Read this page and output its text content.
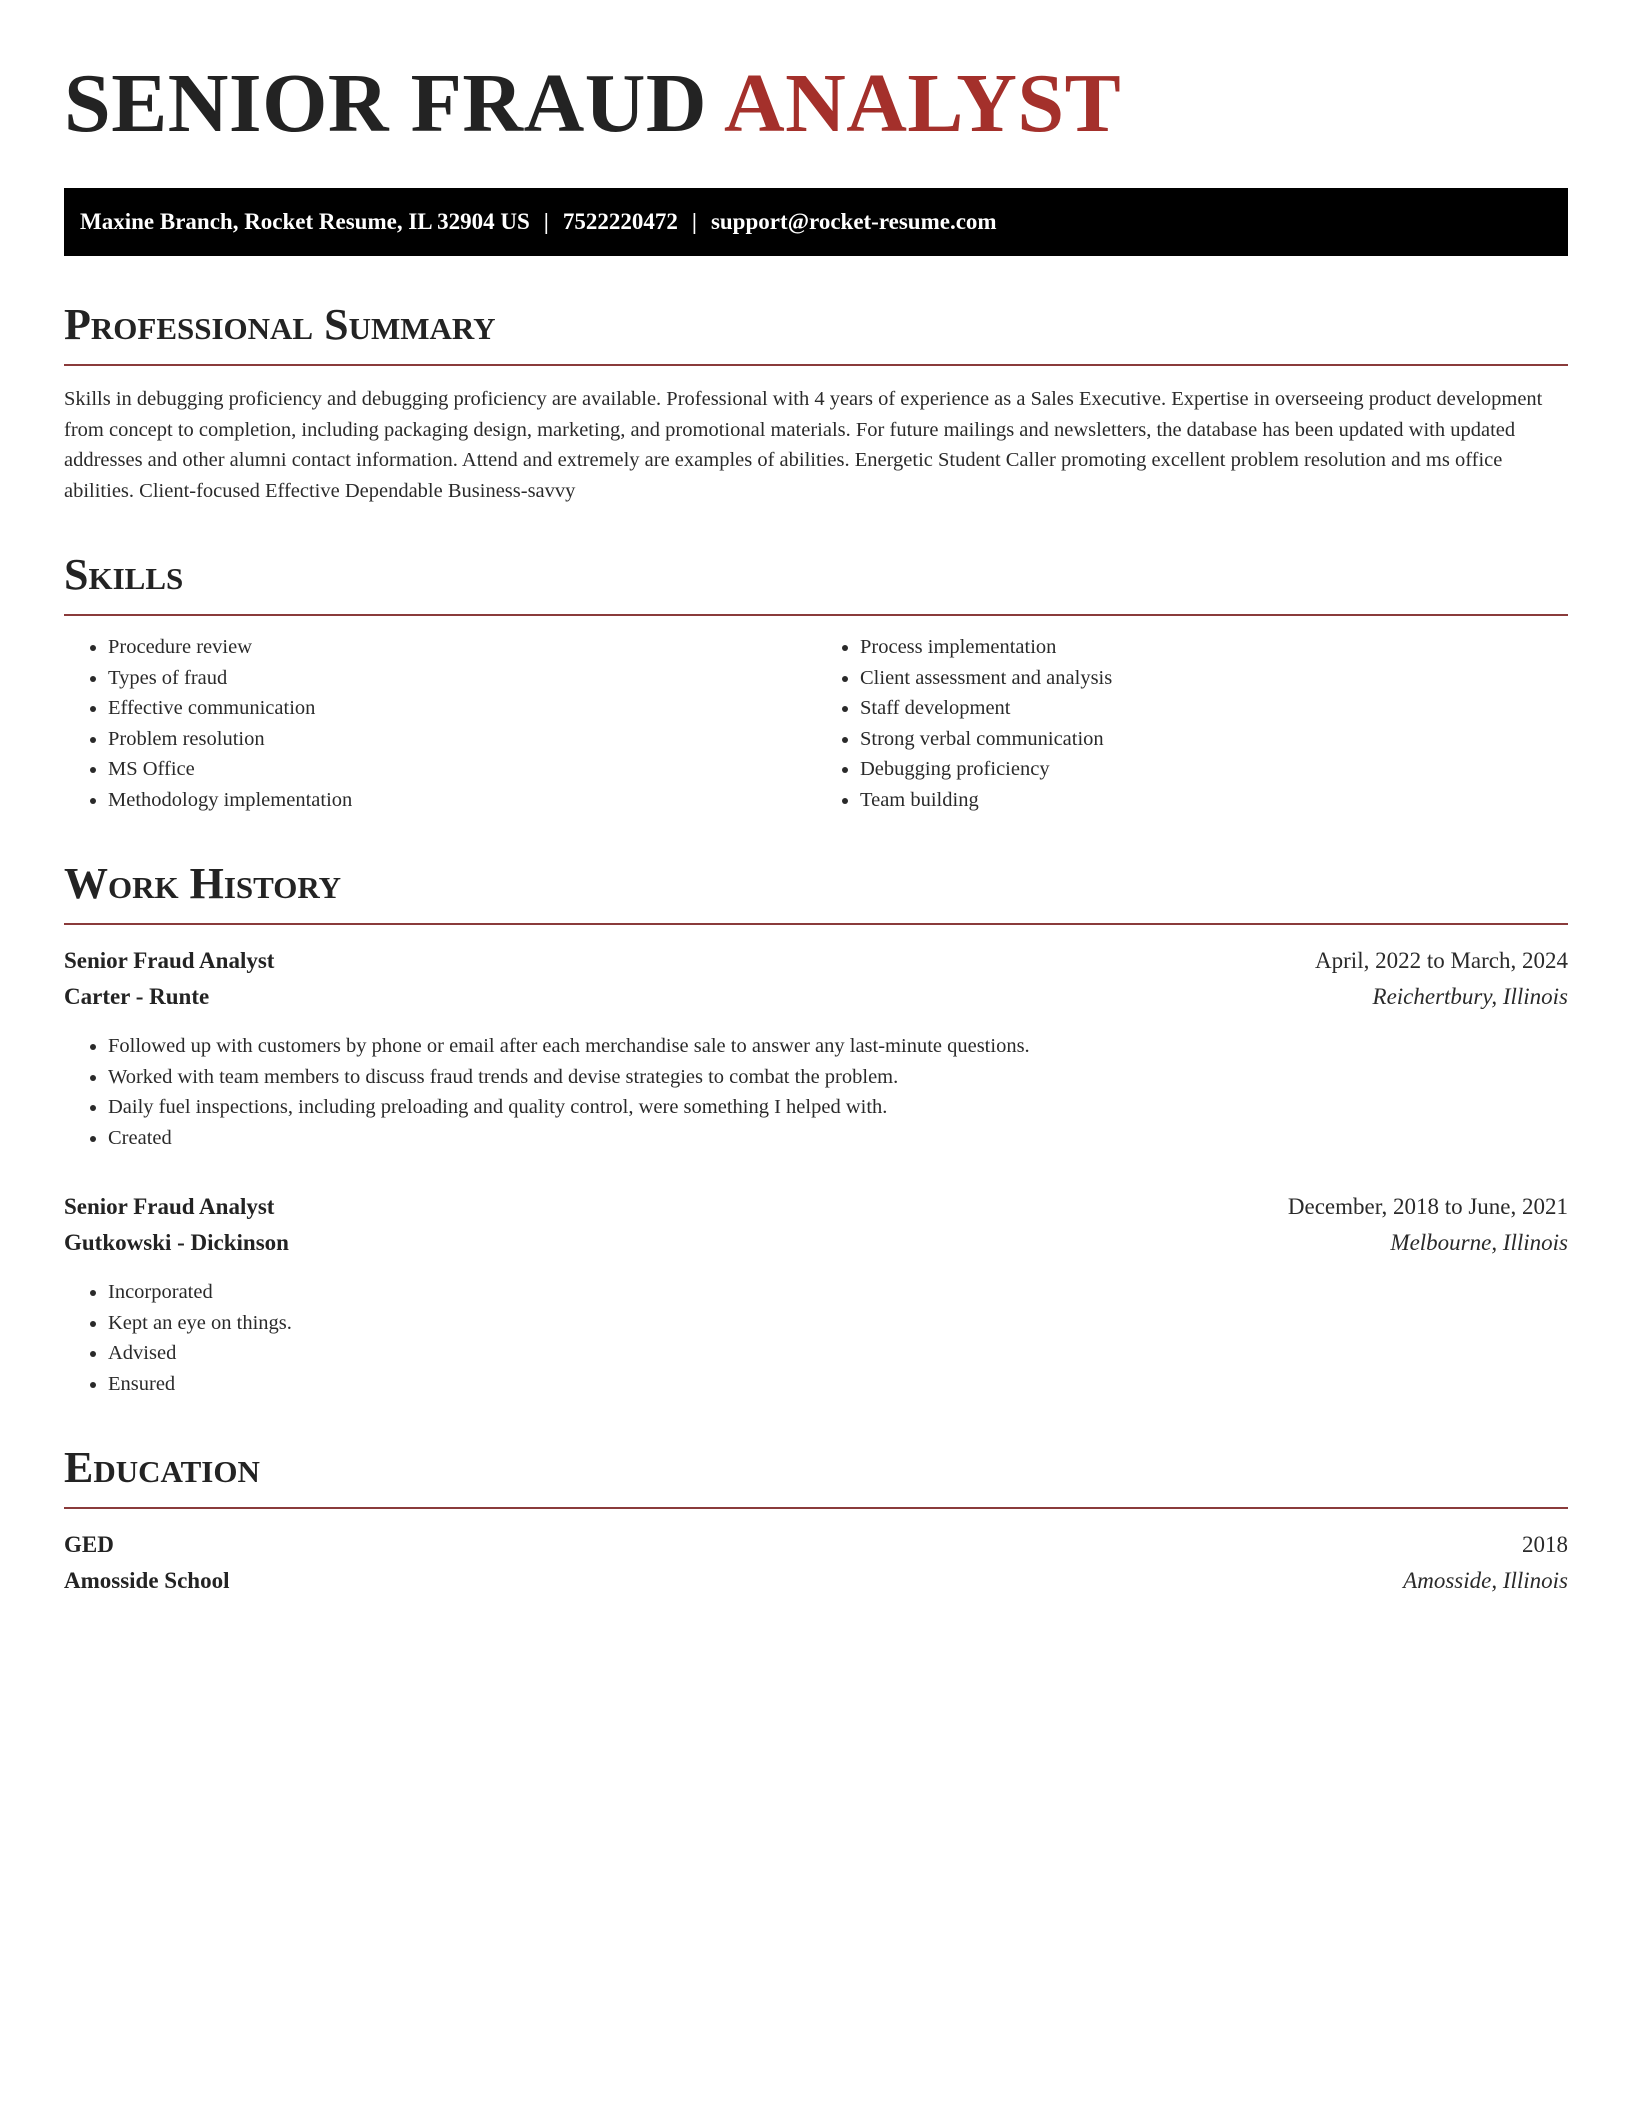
SENIOR FRAUD ANALYST
Maxine Branch, Rocket Resume, IL 32904 US | 7522220472 | support@rocket-resume.com
Professional Summary

Skills in debugging proficiency and debugging proficiency are available. Professional with 4 years of experience as a Sales Executive. Expertise in overseeing product development from concept to completion, including packaging design, marketing, and promotional materials. For future mailings and newsletters, the database has been updated with updated addresses and other alumni contact information. Attend and extremely are examples of abilities. Energetic Student Caller promoting excellent problem resolution and ms office abilities. Client-focused Effective Dependable Business-savvy

Skills
• Procedure review
• Types of fraud
• Effective communication
• Problem resolution
• MS Office
• Methodology implementation
• Process implementation
• Client assessment and analysis
• Staff development
• Strong verbal communication
• Debugging proficiency
• Team building
Work History
Senior Fraud Analyst	April, 2022 to March, 2024
Carter - Runte	Reichertbury, Illinois
• Followed up with customers by phone or email after each merchandise sale to answer any last-minute questions.
• Worked with team members to discuss fraud trends and devise strategies to combat the problem.
• Daily fuel inspections, including preloading and quality control, were something I helped with.
• Created
Senior Fraud Analyst	December, 2018 to June, 2021
Gutkowski - Dickinson	Melbourne, Illinois
• Incorporated
• Kept an eye on things.
• Advised
• Ensured
Education
GED	2018
Amosside School	Amosside, Illinois
